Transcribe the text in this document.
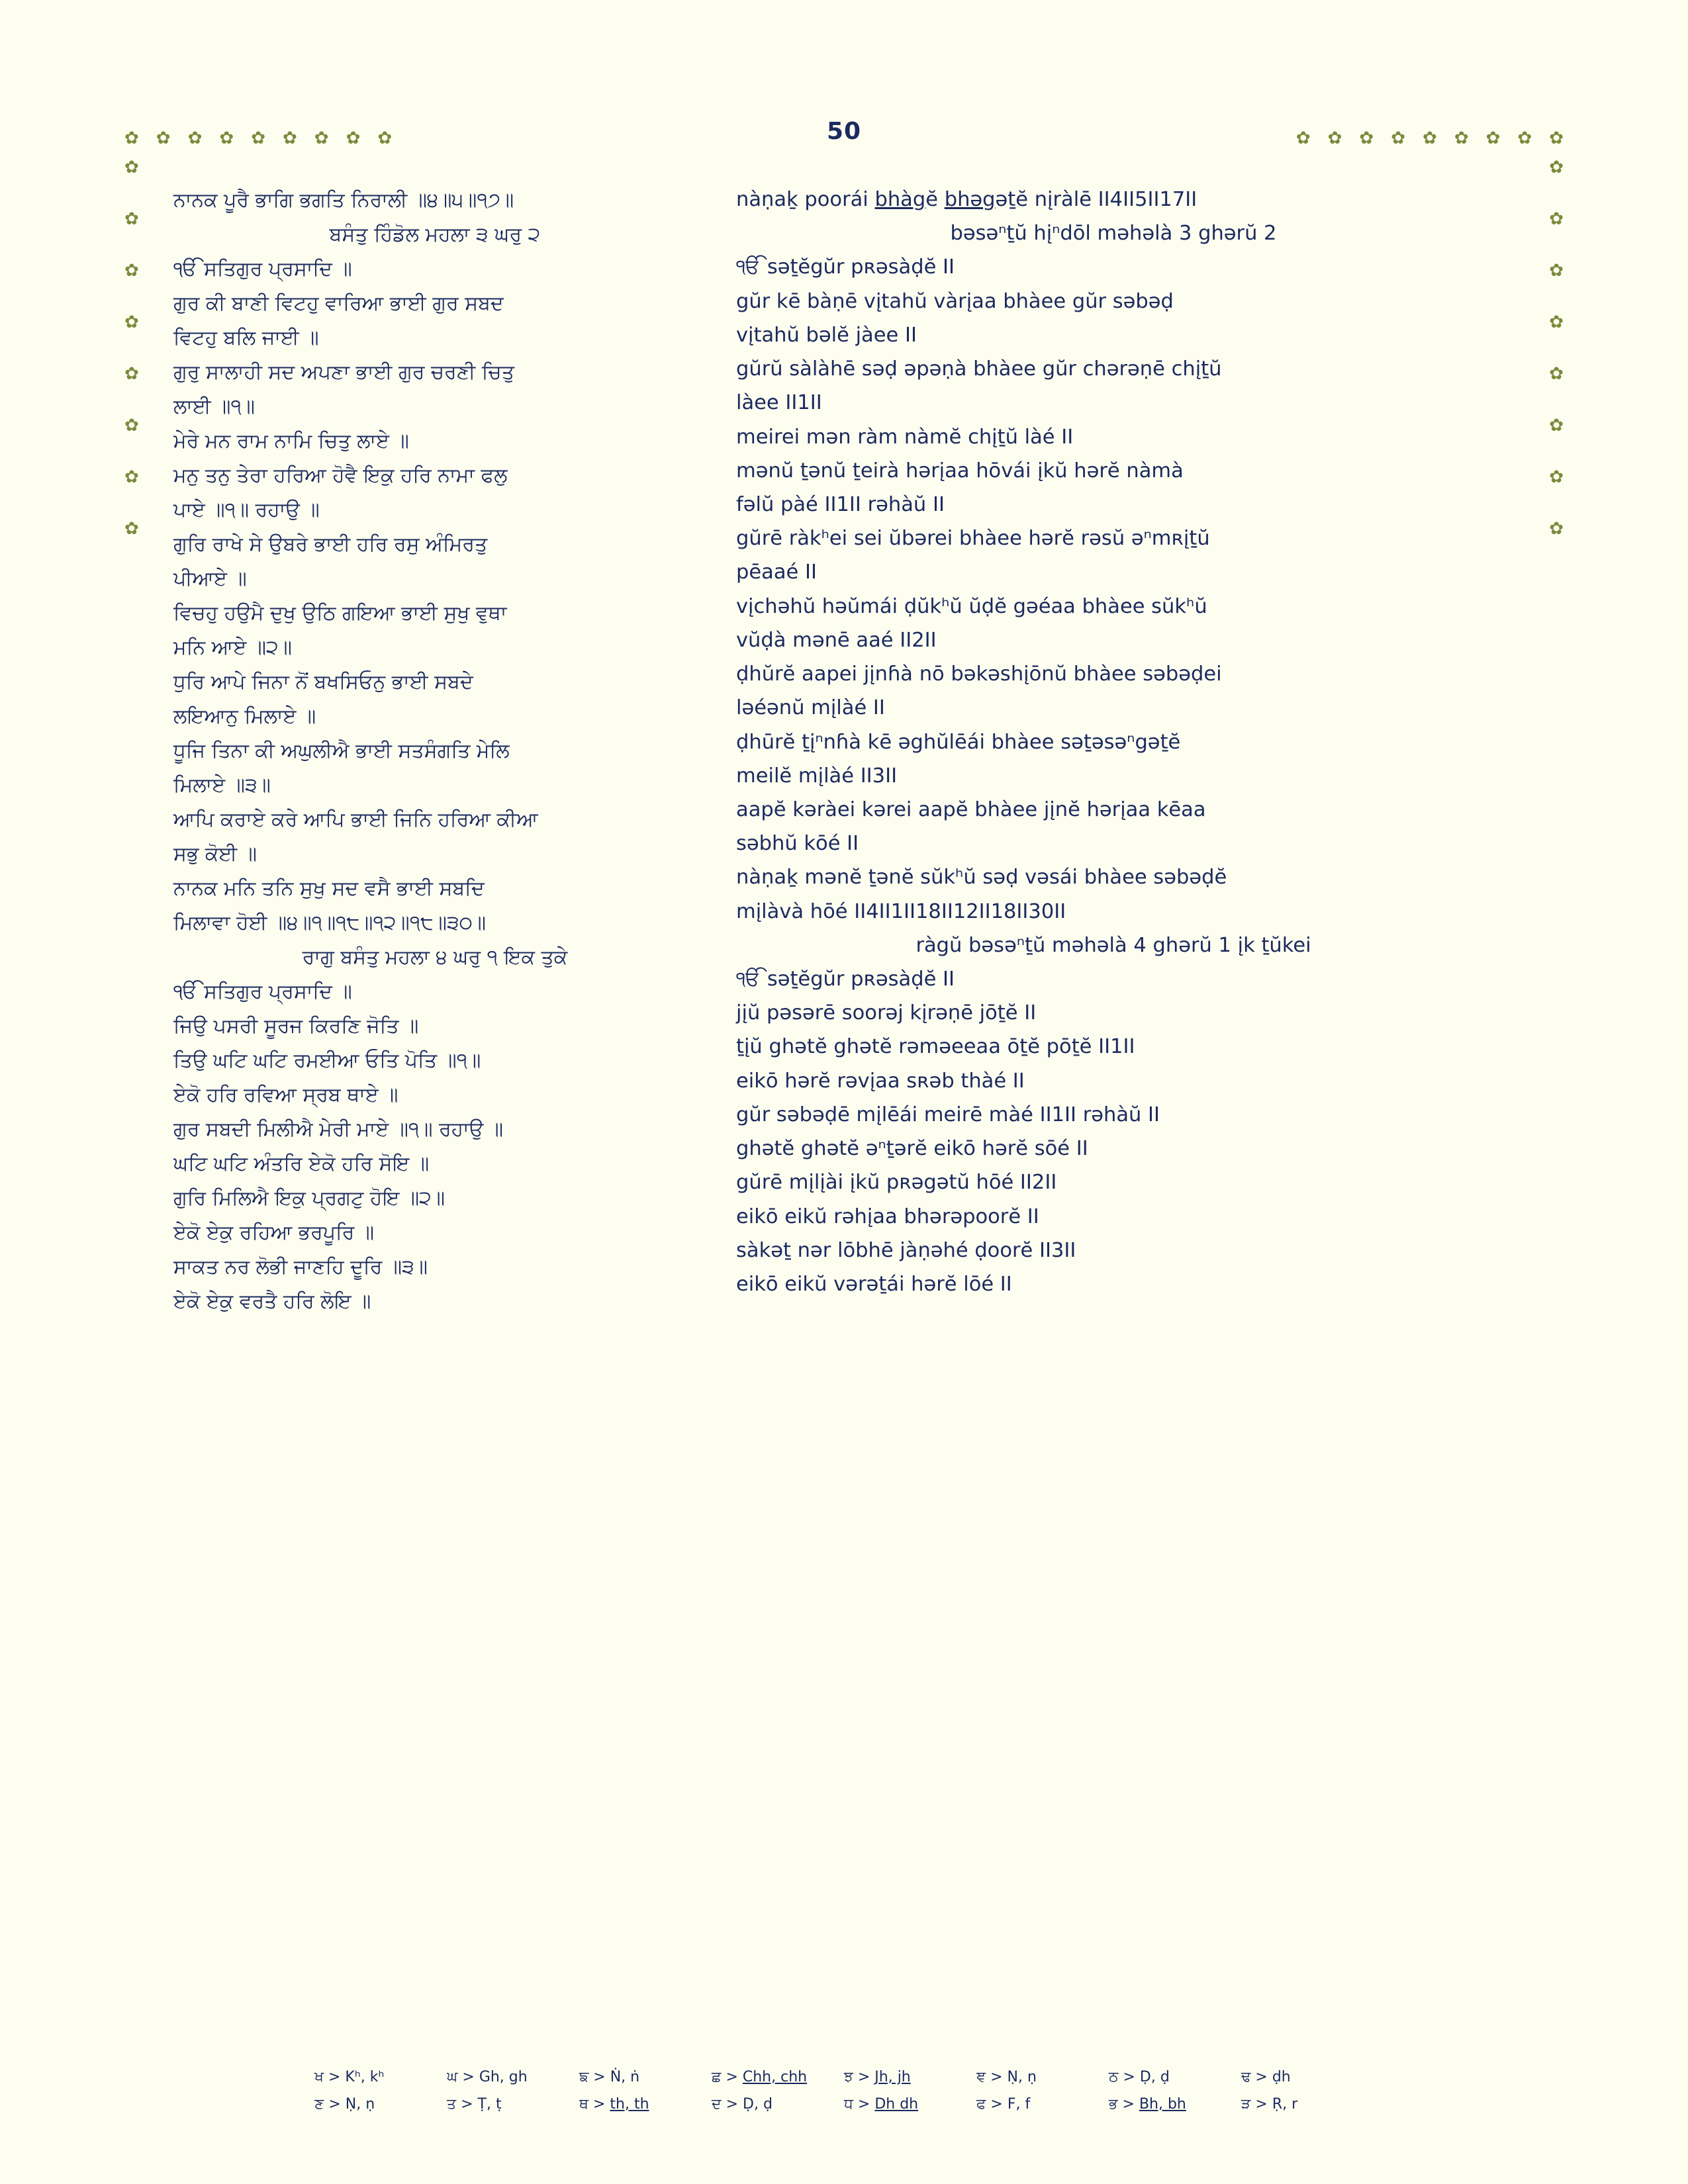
50
✿ ✿ ✿ ✿ ✿ ✿ ✿ ✿ ✿	✿ ✿ ✿ ✿ ✿ ✿ ✿ ✿ ✿
✿
✿
✿
✿
✿
✿
✿
✿
✿
✿
✿
✿
✿
✿
✿
✿

ਨਾਨਕ ਪੂਰੈ ਭਾਗਿ ਭਗਤਿ ਨਿਰਾਲੀ ॥੪॥੫॥੧੭॥

ਬਸੰਤੁ ਹਿੰਡੋਲ ਮਹਲਾ ੩ ਘਰੁ ੨

ੴ ਸਤਿਗੁਰ ਪ੍ਰਸਾਦਿ ॥

ਗੁਰ ਕੀ ਬਾਣੀ ਵਿਟਹੁ ਵਾਰਿਆ ਭਾਈ ਗੁਰ ਸਬਦ

ਵਿਟਹੁ ਬਲਿ ਜਾਈ ॥

ਗੁਰੁ ਸਾਲਾਹੀ ਸਦ ਅਪਣਾ ਭਾਈ ਗੁਰ ਚਰਣੀ ਚਿਤੁ

ਲਾਈ ॥੧॥

ਮੇਰੇ ਮਨ ਰਾਮ ਨਾਮਿ ਚਿਤੁ ਲਾਏ ॥

ਮਨੁ ਤਨੁ ਤੇਰਾ ਹਰਿਆ ਹੋਵੈ ਇਕੁ ਹਰਿ ਨਾਮਾ ਫਲੁ

ਪਾਏ ॥੧॥ ਰਹਾਉ ॥

ਗੁਰਿ ਰਾਖੇ ਸੇ ਉਬਰੇ ਭਾਈ ਹਰਿ ਰਸੁ ਅੰਮਿਰਤੁ

ਪੀਆਏ ॥

ਵਿਚਹੁ ਹਉਮੈ ਦੁਖੁ ਉਠਿ ਗਇਆ ਭਾਈ ਸੁਖੁ ਵੁਥਾ

ਮਨਿ ਆਏ ॥੨॥

ਧੁਰਿ ਆਪੇ ਜਿਨਾ ਨੋਂ ਬਖਸਿਓਨੁ ਭਾਈ ਸਬਦੇ

ਲਇਆਨੁ ਮਿਲਾਏ ॥

ਧੂਜਿ ਤਿਨਾ ਕੀ ਅਘੁਲੀਐ ਭਾਈ ਸਤਸੰਗਤਿ ਮੇਲਿ

ਮਿਲਾਏ ॥੩॥

ਆਪਿ ਕਰਾਏ ਕਰੇ ਆਪਿ ਭਾਈ ਜਿਨਿ ਹਰਿਆ ਕੀਆ

ਸਭੁ ਕੋਈ ॥

ਨਾਨਕ ਮਨਿ ਤਨਿ ਸੁਖੁ ਸਦ ਵਸੈ ਭਾਈ ਸਬਦਿ

ਮਿਲਾਵਾ ਹੋਈ ॥੪॥੧॥੧੮॥੧੨॥੧੮॥੩੦॥

ਰਾਗੁ ਬਸੰਤੁ ਮਹਲਾ ੪ ਘਰੁ ੧ ਇਕ ਤੁਕੇ

ੴ ਸਤਿਗੁਰ ਪ੍ਰਸਾਦਿ ॥

ਜਿਉ ਪਸਰੀ ਸੂਰਜ ਕਿਰਣਿ ਜੋਤਿ ॥

ਤਿਉ ਘਟਿ ਘਟਿ ਰਮਈਆ ਓਤਿ ਪੋਤਿ ॥੧॥

ਏਕੋ ਹਰਿ ਰਵਿਆ ਸ੍ਰਬ ਥਾਏ ॥

ਗੁਰ ਸਬਦੀ ਮਿਲੀਐ ਮੇਰੀ ਮਾਏ ॥੧॥ ਰਹਾਉ ॥

ਘਟਿ ਘਟਿ ਅੰਤਰਿ ਏਕੋ ਹਰਿ ਸੋਇ ॥

ਗੁਰਿ ਮਿਲਿਐ ਇਕੁ ਪ੍ਰਗਟੁ ਹੋਇ ॥੨॥

ਏਕੋ ਏਕੁ ਰਹਿਆ ਭਰਪੂਰਿ ॥

ਸਾਕਤ ਨਰ ਲੋਭੀ ਜਾਣਹਿ ਦੂਰਿ ॥੩॥

ਏਕੋ ਏਕੁ ਵਰਤੈ ਹਰਿ ਲੋਇ ॥

nàṇaḵ poorái bhàgĕ bhəgəṯĕ nįràlē II4II5II17II

bəsəⁿṯŭ hįⁿdōl məhəlà 3 ghərŭ 2

ੴ səṯĕgŭr pʀəsàḍĕ II

gŭr kē bàṇē vįtahŭ vàrįaa bhàee gŭr səbəḍ

vįtahŭ bəlĕ jàee II

gŭrŭ sàlàhē səḍ əpəṇà bhàee gŭr chərəṇē chįṯŭ

làee II1II

meirei mən ràm nàmĕ chįṯŭ làé II

mənŭ ṯənŭ ṯeirà hərįaa hōvái įkŭ hərĕ nàmà

fəlŭ pàé II1II rəhàŭ II

gŭrē ràkʰei sei ŭbərei bhàee hərĕ rəsŭ əⁿmʀįṯŭ

pēaaé II

vįchəhŭ həŭmái ḍŭkʰŭ ŭḍĕ gəéaa bhàee sŭkʰŭ

vŭḍà mənē aaé II2II

ḍhŭrĕ aapei jįnɦà nō bəkəshįōnŭ bhàee səbəḍei

ləéənŭ mįlàé II

ḍhūrĕ ṯįⁿnɦà kē əghŭlēái bhàee səṯəsəⁿgəṯĕ

meilĕ mįlàé II3II

aapĕ kəràei kərei aapĕ bhàee jįnĕ hərįaa kēaa

səbhŭ kōé II

nàṇaḵ mənĕ ṯənĕ sŭkʰŭ səḍ vəsái bhàee səbəḍĕ

mįlàvà hōé II4II1II18II12II18II30II

ràgŭ bəsəⁿṯŭ məhəlà 4 ghərŭ 1 įk ṯŭkei

ੴ səṯĕgŭr pʀəsàḍĕ II

jįŭ pəsərē soorəj kįrəṇē jōṯĕ II

ṯįŭ ghətĕ ghətĕ rəməeeaa ōṯĕ pōṯĕ II1II

eikō hərĕ rəvįaa sʀəb thàé II

gŭr səbəḍē mįlēái meirē màé II1II rəhàŭ II

ghətĕ ghətĕ əⁿṯərĕ eikō hərĕ sōé II

gŭrē mįlįài įkŭ pʀəgətŭ hōé II2II

eikō eikŭ rəhįaa bhərəpoorĕ II

sàkəṯ nər lōbhē jàṇəhé ḍoorĕ II3II

eikō eikŭ vərəṯái hərĕ lōé II

ਖ > Kʰ, kʰ	ਘ > Gh, gh	ਙ > Ṅ, ṅ	ਛ > Chh, chh	ਝ > Jh, jh	ਞ > Ṇ, ṇ	ਠ > Ḍ, ḍ	ਢ > ḍh
ਣ > Ṇ, ṇ	ਤ > Ṭ, ṭ	ਥ > th, th	ਦ > Ḍ, ḍ	ਧ > Dh dh	ਫ > F, f	ਭ > Bh, bh	ੜ > Ṛ, r
